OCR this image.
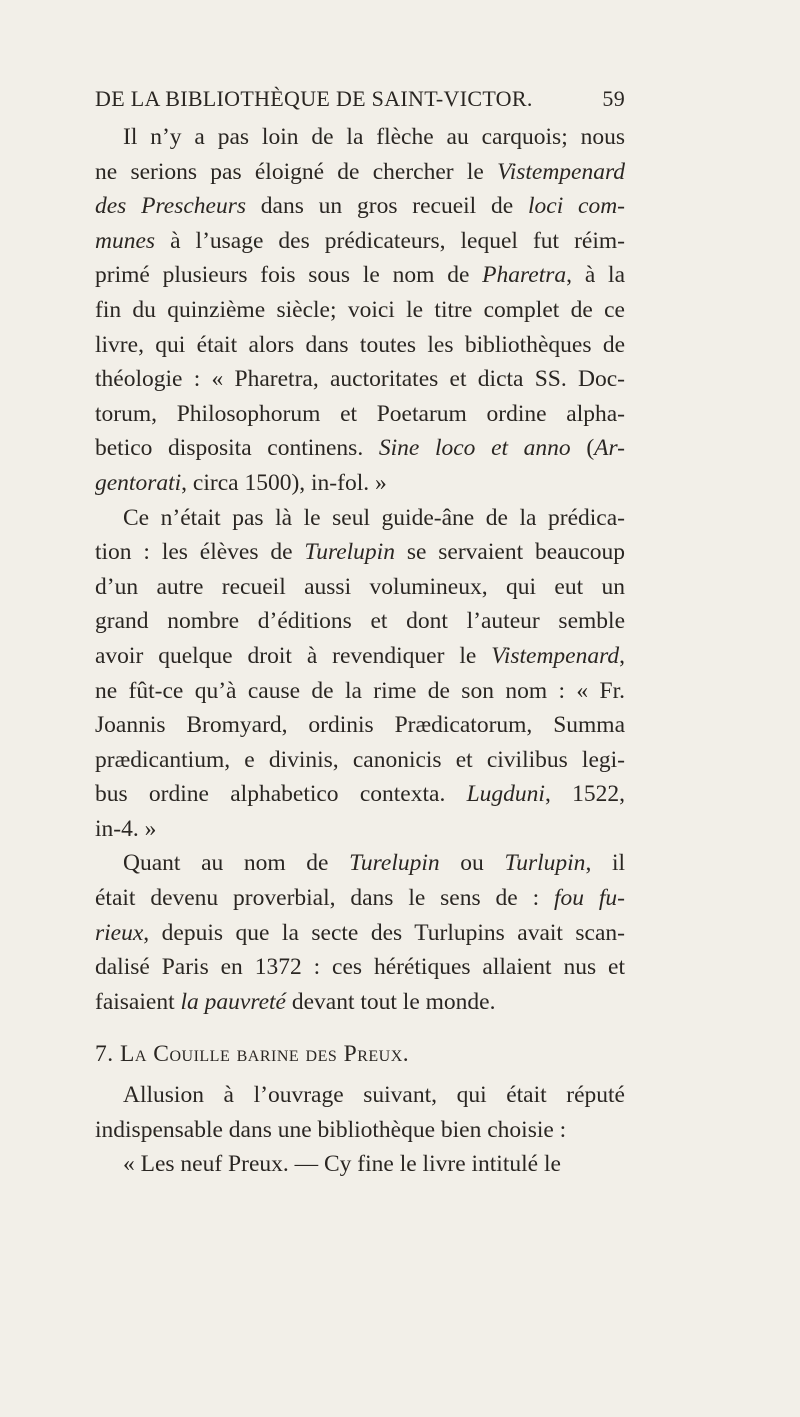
DE LA BIBLIOTHÈQUE DE SAINT-VICTOR.	59
Il n’y a pas loin de la flèche au carquois; nous
ne serions pas éloigné de chercher le Vistempenard
des Prescheurs dans un gros recueil de loci com-
munes à l’usage des prédicateurs, lequel fut réim-
primé plusieurs fois sous le nom de Pharetra, à la
fin du quinzième siècle; voici le titre complet de ce
livre, qui était alors dans toutes les bibliothèques de
théologie : « Pharetra, auctoritates et dicta SS. Doc-
torum, Philosophorum et Poetarum ordine alpha-
betico disposita continens. Sine loco et anno (Ar-
gentorati, circa 1500), in-fol. »
Ce n’était pas là le seul guide-âne de la prédica-
tion : les élèves de Turelupin se servaient beaucoup
d’un autre recueil aussi volumineux, qui eut un
grand nombre d’éditions et dont l’auteur semble
avoir quelque droit à revendiquer le Vistempenard,
ne fût-ce qu’à cause de la rime de son nom : « Fr.
Joannis Bromyard, ordinis Prædicatorum, Summa
prædicantium, e divinis, canonicis et civilibus legi-
bus ordine alphabetico contexta. Lugduni, 1522,
in-4. »
Quant au nom de Turelupin ou Turlupin, il
était devenu proverbial, dans le sens de : fou fu-
rieux, depuis que la secte des Turlupins avait scan-
dalisé Paris en 1372 : ces hérétiques allaient nus et
faisaient la pauvreté devant tout le monde.
7. La Couille barine des Preux.
Allusion à l’ouvrage suivant, qui était réputé
indispensable dans une bibliothèque bien choisie :
« Les neuf Preux. — Cy fine le livre intitulé le
